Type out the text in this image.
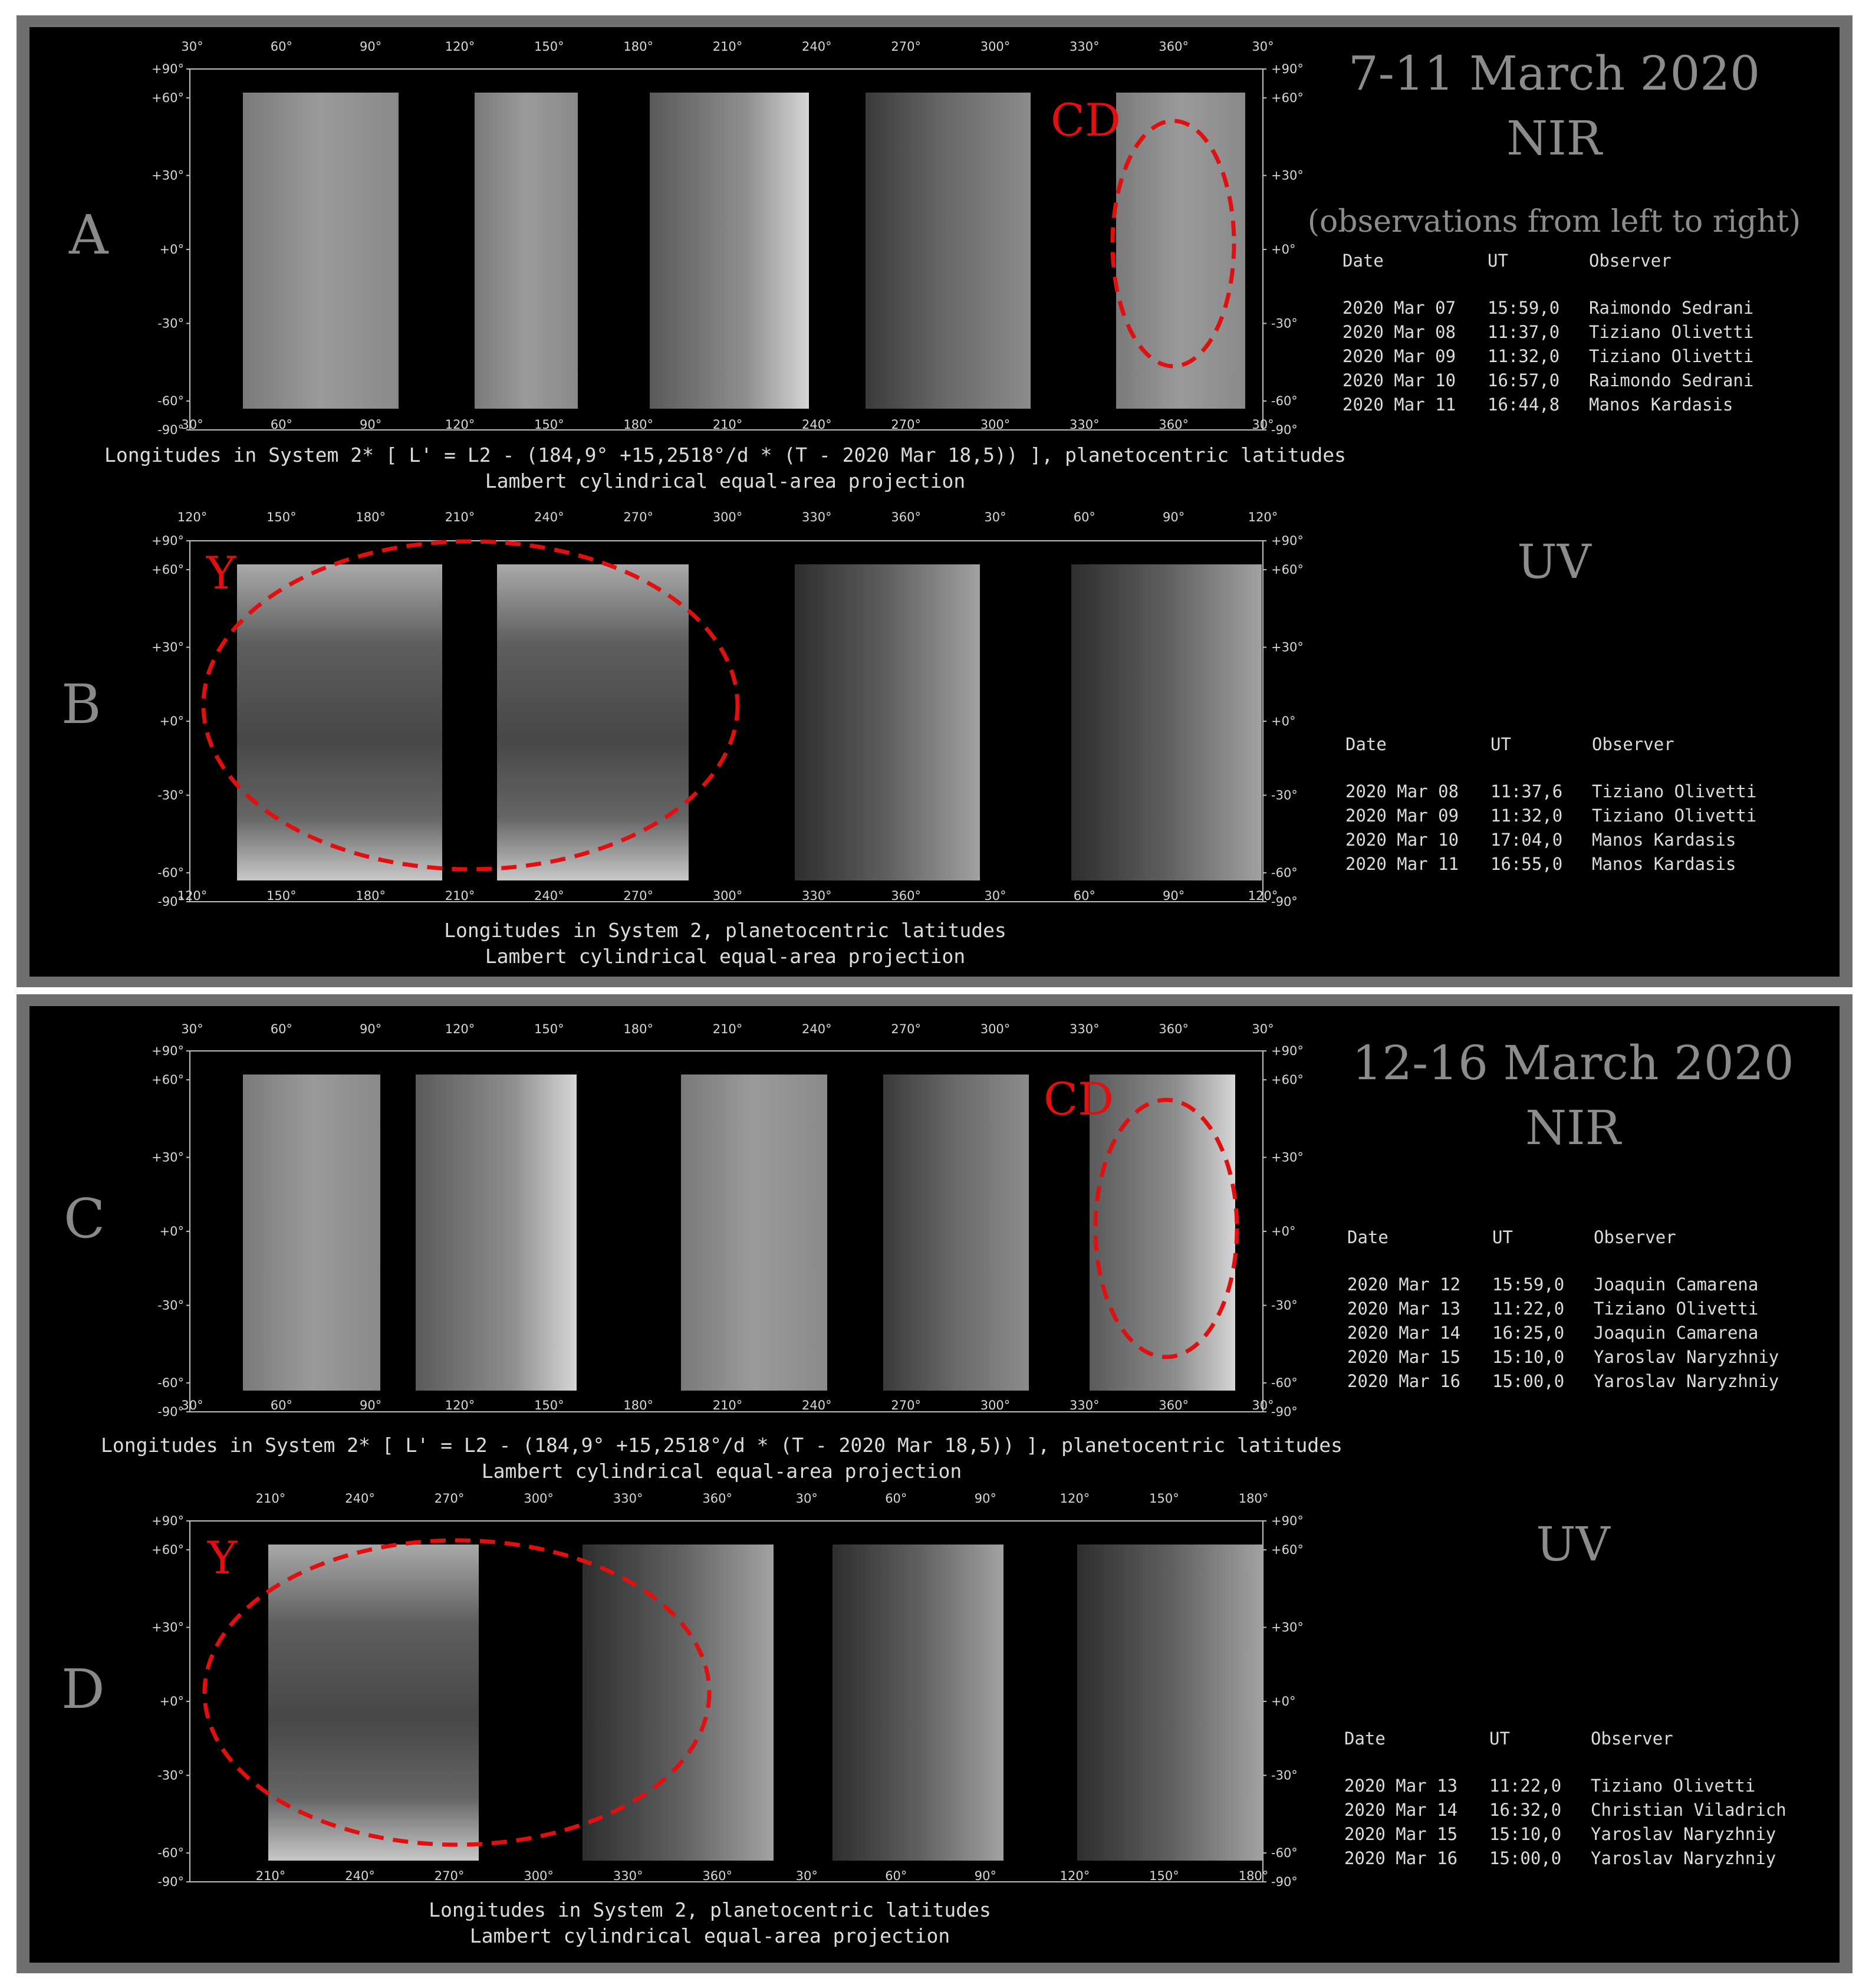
+90°	+90°
+60°	+60°
+30°	+30°
+0°	+0°
-30°	-30°
-60°	-60°
-90°	-90°
30°
30°
60°
60°
90°
90°
120°
120°
150°
150°
180°
180°
210°
210°
240°
240°
270°
270°
300°
300°
330°
330°
360°
360°
30°
30°
A
+90°	+90°
+60°	+60°
+30°	+30°
+0°	+0°
-30°	-30°
-60°	-60°
-90°	-90°
120°
120°
150°
150°
180°
180°
210°
210°
240°
240°
270°
270°
300°
300°
330°
330°
360°
360°
30°
30°
60°
60°
90°
90°
120°
120°
B
+90°	+90°
+60°	+60°
+30°	+30°
+0°	+0°
-30°	-30°
-60°	-60°
-90°	-90°
30°
30°
60°
60°
90°
90°
120°
120°
150°
150°
180°
180°
210°
210°
240°
240°
270°
270°
300°
300°
330°
330°
360°
360°
30°
30°
C
+90°	+90°
+60°	+60°
+30°	+30°
+0°	+0°
-30°	-30°
-60°	-60°
-90°	-90°
210°
210°
240°
240°
270°
270°
300°
300°
330°
330°
360°
360°
30°
30°
60°
60°
90°
90°
120°
120°
150°
150°
180°
180°
D
CD
Y
CD
Y
Longitudes in System 2* [ L' = L2 - (184,9° +15,2518°/d * (T - 2020 Mar 18,5)) ], planetocentric latitudes
Lambert cylindrical equal-area projection
Longitudes in System 2, planetocentric latitudes
Lambert cylindrical equal-area projection
Longitudes in System 2* [ L' = L2 - (184,9° +15,2518°/d * (T - 2020 Mar 18,5)) ], planetocentric latitudes
Lambert cylindrical equal-area projection
Longitudes in System 2, planetocentric latitudes
Lambert cylindrical equal-area projection
7-11 March 2020
NIR
(observations from left to right)
UV
12-16 March 2020
NIR
UV
Date	UT	Observer
2020 Mar 07 15:59,0 Raimondo Sedrani
2020 Mar 08 11:37,0 Tiziano Olivetti
2020 Mar 09 11:32,0 Tiziano Olivetti
2020 Mar 10 16:57,0 Raimondo Sedrani
2020 Mar 11 16:44,8 Manos Kardasis
Date	UT	Observer
2020 Mar 08 11:37,6 Tiziano Olivetti
2020 Mar 09 11:32,0 Tiziano Olivetti
2020 Mar 10 17:04,0 Manos Kardasis
2020 Mar 11 16:55,0 Manos Kardasis
Date	UT	Observer
2020 Mar 12 15:59,0 Joaquin Camarena
2020 Mar 13 11:22,0 Tiziano Olivetti
2020 Mar 14 16:25,0 Joaquin Camarena
2020 Mar 15 15:10,0 Yaroslav Naryzhniy
2020 Mar 16 15:00,0 Yaroslav Naryzhniy
Date	UT	Observer
2020 Mar 13 11:22,0 Tiziano Olivetti
2020 Mar 14 16:32,0 Christian Viladrich
2020 Mar 15 15:10,0 Yaroslav Naryzhniy
2020 Mar 16 15:00,0 Yaroslav Naryzhniy
